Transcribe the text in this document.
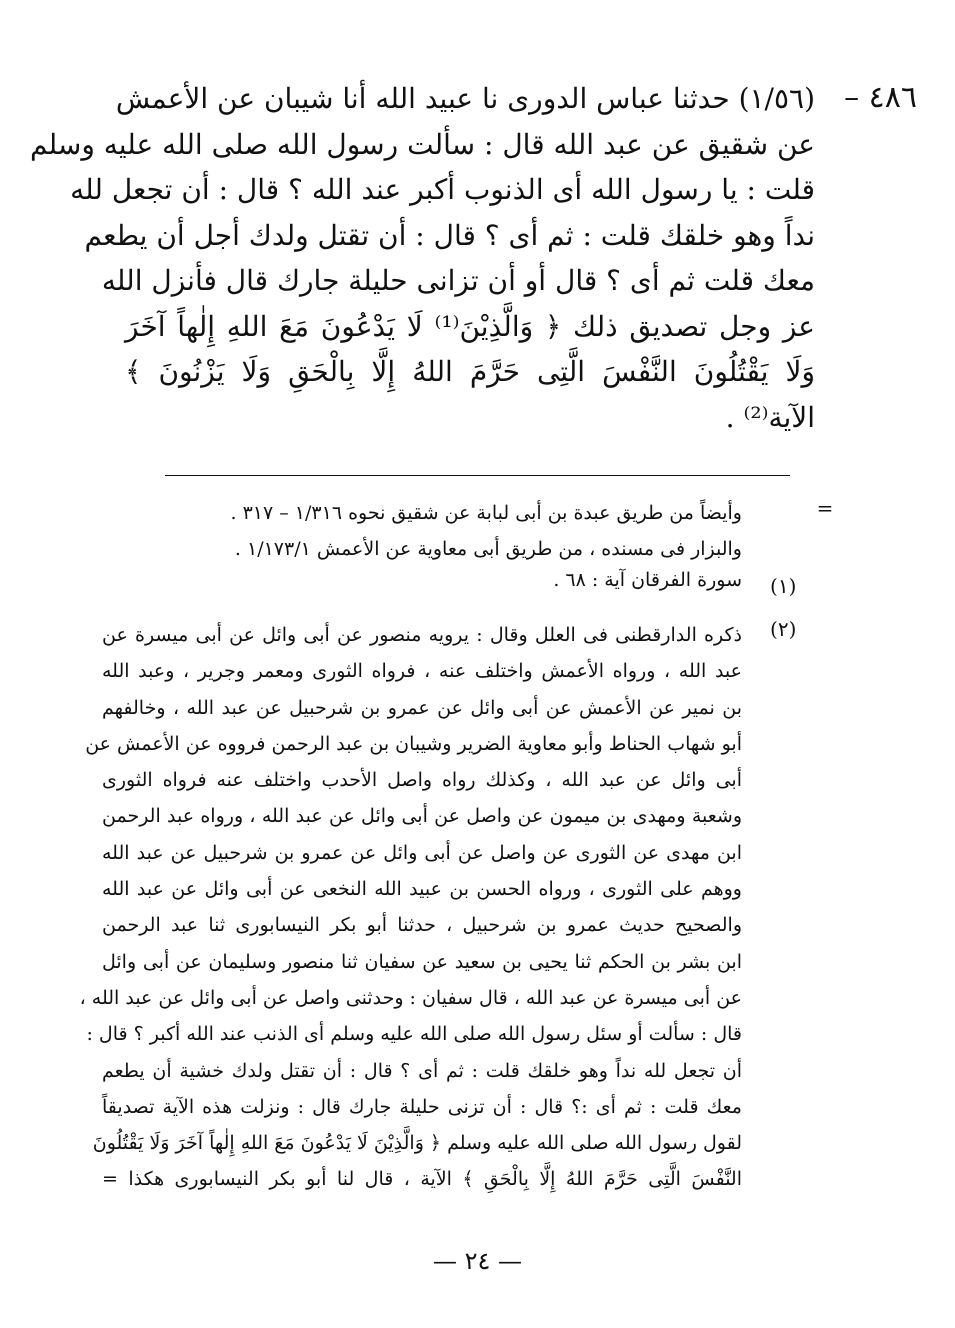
٤٨٦ –
(١/٥٦) حدثنا عباس الدورى نا عبيد الله أنا شيبان عن الأعمش
عن شقيق عن عبد الله قال : سألت رسول الله صلى الله عليه وسلم
قلت : يا رسول الله أى الذنوب أكبر عند الله ؟ قال : أن تجعل لله
نداً وهو خلقك قلت : ثم أى ؟ قال : أن تقتل ولدك أجل أن يطعم
معك قلت ثم أى ؟ قال أو أن تزانى حليلة جارك قال فأنزل الله
عز وجل تصديق ذلك ﴿ وَالَّذِيْنَ⁽¹⁾ لَا يَدْعُونَ مَعَ اللهِ إِلٰهاً آخَرَ
وَلَا يَقْتُلُونَ النَّفْسَ الَّتِى حَرَّمَ اللهُ إِلَّا بِالْحَقِ وَلَا يَزْنُونَ ﴾
الآية⁽²⁾ .
=
(١)
(٢)
وأيضاً من طريق عبدة بن أبى لبابة عن شقيق نحوه ١/٣١٦ – ٣١٧ .
والبزار فى مسنده ، من طريق أبى معاوية عن الأعمش ١/١٧٣/١ .
سورة الفرقان آية : ٦٨ .
ذكره الدارقطنى فى العلل وقال : يرويه منصور عن أبى وائل عن أبى ميسرة عن
عبد الله ، ورواه الأعمش واختلف عنه ، فرواه الثورى ومعمر وجرير ، وعبد الله
بن نمير عن الأعمش عن أبى وائل عن عمرو بن شرحبيل عن عبد الله ، وخالفهم
أبو شهاب الحناط وأبو معاوية الضرير وشيبان بن عبد الرحمن فرووه عن الأعمش عن
أبى وائل عن عبد الله ، وكذلك رواه واصل الأحدب واختلف عنه فرواه الثورى
وشعبة ومهدى بن ميمون عن واصل عن أبى وائل عن عبد الله ، ورواه عبد الرحمن
ابن مهدى عن الثورى عن واصل عن أبى وائل عن عمرو بن شرحبيل عن عبد الله
ووهم على الثورى ، ورواه الحسن بن عبيد الله النخعى عن أبى وائل عن عبد الله
والصحيح حديث عمرو بن شرحبيل ، حدثنا أبو بكر النيسابورى ثنا عبد الرحمن
ابن بشر بن الحكم ثنا يحيى بن سعيد عن سفيان ثنا منصور وسليمان عن أبى وائل
عن أبى ميسرة عن عبد الله ، قال سفيان : وحدثنى واصل عن أبى وائل عن عبد الله ،
قال : سألت أو سئل رسول الله صلى الله عليه وسلم أى الذنب عند الله أكبر ؟ قال :
أن تجعل لله نداً وهو خلقك قلت : ثم أى ؟ قال : أن تقتل ولدك خشية أن يطعم
معك قلت : ثم أى :؟ قال : أن تزنى حليلة جارك قال : ونزلت هذه الآية تصديقاً
لقول رسول الله صلى الله عليه وسلم ﴿ وَالَّذِيْنَ لَا يَدْعُونَ مَعَ اللهِ إِلٰهاً آخَرَ وَلَا يَقْتُلُونَ
النَّفْسَ الَّتِى حَرَّمَ اللهُ إِلَّا بِالْحَقِ ﴾ الآية ، قال لنا أبو بكر النيسابورى هكذا =
— ٢٤ —
